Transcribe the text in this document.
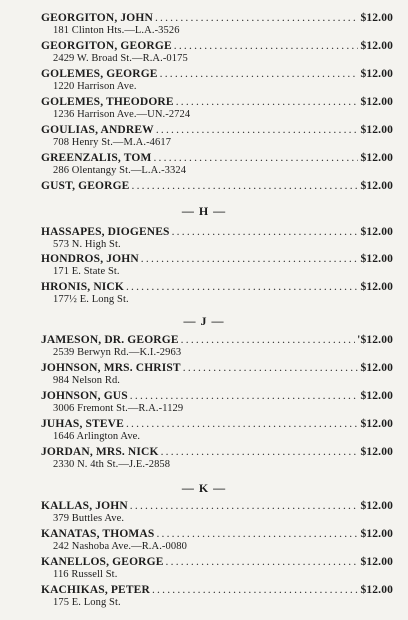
GEORGITON, JOHN .....	$12.00
181 Clinton Hts.—L.A.-3526
GEORGITON, GEORGE .....	$12.00
2429 W. Broad St.—R.A.-0175
GOLEMES, GEORGE .....	$12.00
1220 Harrison Ave.
GOLEMES, THEODORE .....	$12.00
1236 Harrison Ave.—UN.-2724
GOULIAS, ANDREW .....	$12.00
708 Henry St.—M.A.-4617
GREENZALIS, TOM .....	$12.00
286 Olentangy St.—L.A.-3324
GUST, GEORGE .....	$12.00
— H —
HASSAPES, DIOGENES .....	$12.00
573 N. High St.
HONDROS, JOHN .....	$12.00
171 E. State St.
HRONIS, NICK .....	$12.00
177½ E. Long St.
— J —
JAMESON, DR. GEORGE .....	'$12.00
2539 Berwyn Rd.—K.I.-2963
JOHNSON, MRS. CHRIST .....	$12.00
984 Nelson Rd.
JOHNSON, GUS .....	$12.00
3006 Fremont St.—R.A.-1129
JUHAS, STEVE .....	$12.00
1646 Arlington Ave.
JORDAN, MRS. NICK .....	$12.00
2330 N. 4th St.—J.E.-2858
— K —
KALLAS, JOHN .....	$12.00
379 Buttles Ave.
KANATAS, THOMAS .....	$12.00
242 Nashoba Ave.—R.A.-0080
KANELLOS, GEORGE .....	$12.00
116 Russell St.
KACHIKAS, PETER .....	$12.00
175 E. Long St.
